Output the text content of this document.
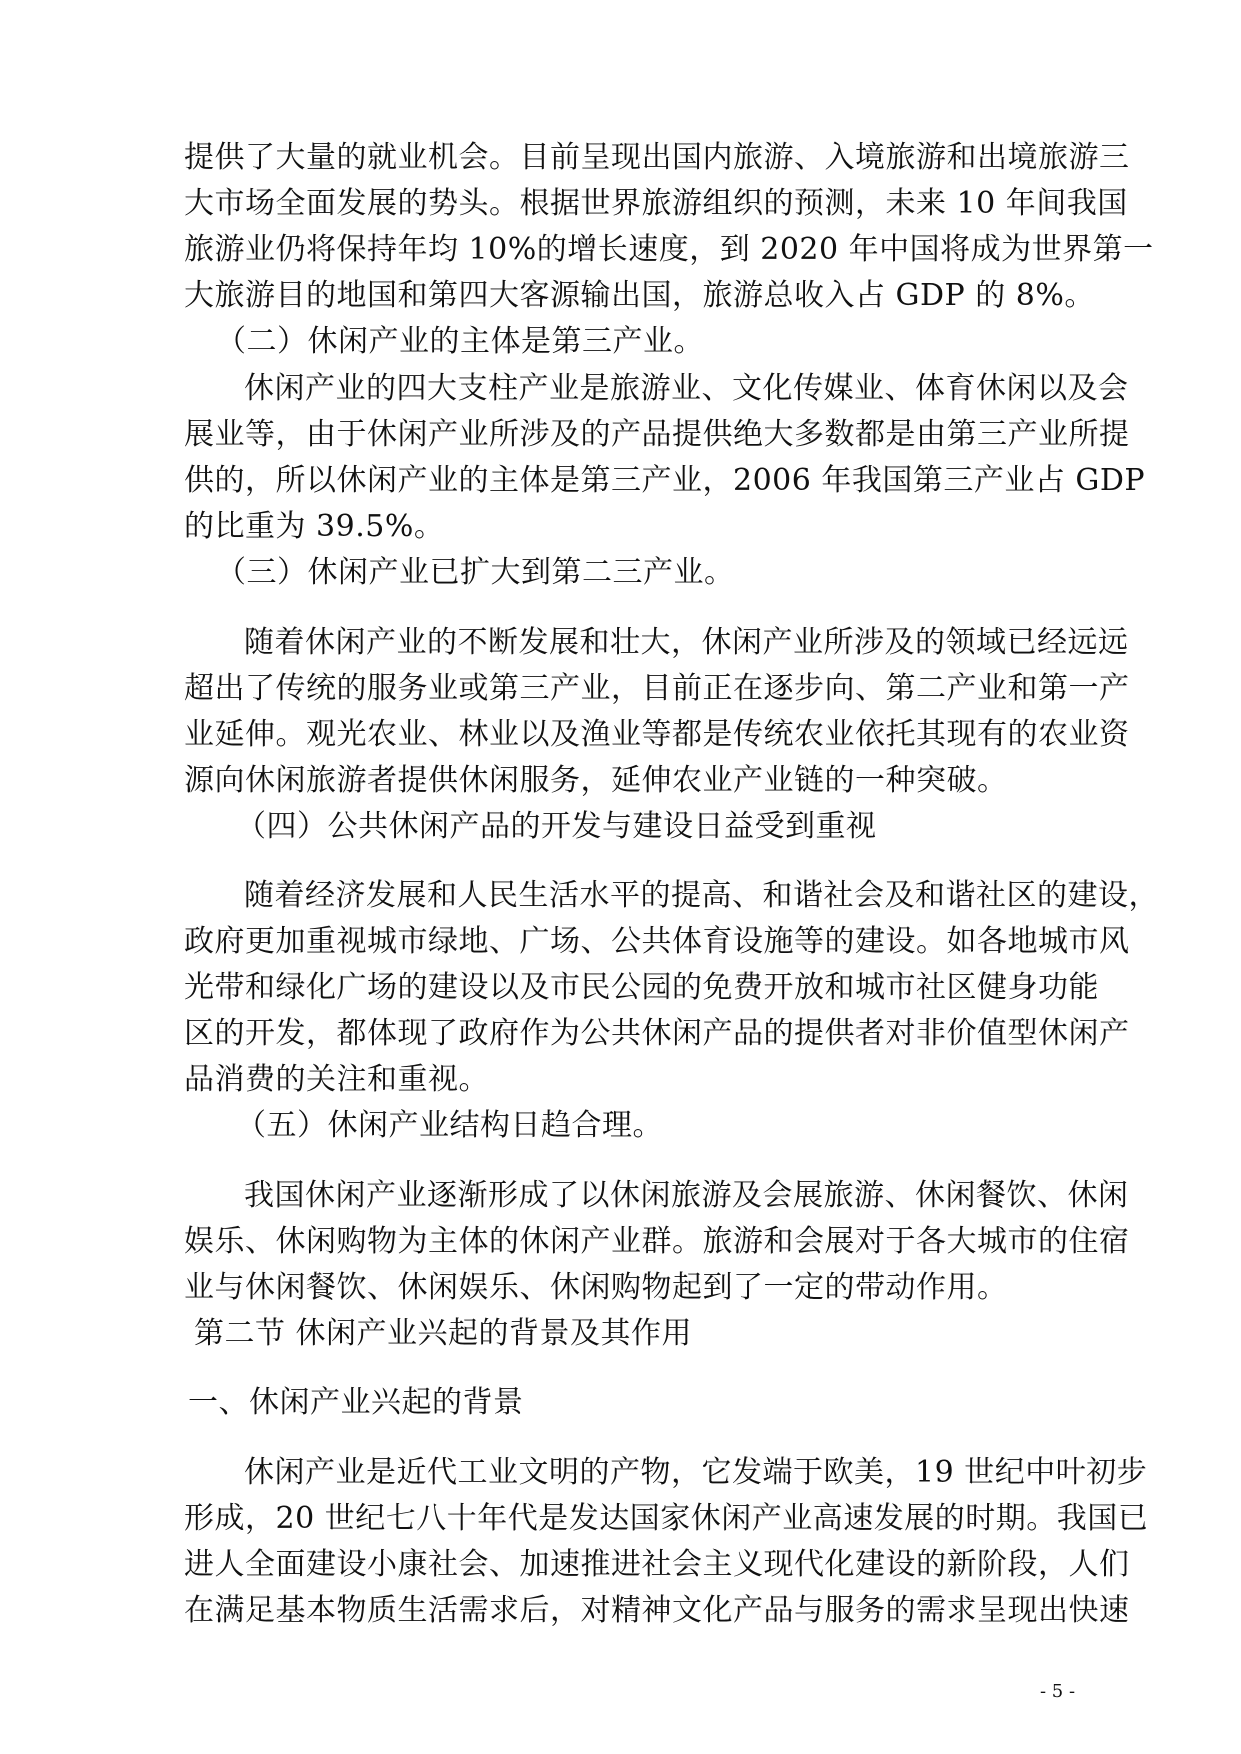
提供了大量的就业机会。目前呈现出国内旅游、入境旅游和出境旅游三
大市场全面发展的势头。根据世界旅游组织的预测，未来 10 年间我国
旅游业仍将保持年均 10%的增长速度，到 2020 年中国将成为世界第一
大旅游目的地国和第四大客源输出国，旅游总收入占 GDP 的 8%。
（二）休闲产业的主体是第三产业。
休闲产业的四大支柱产业是旅游业、文化传媒业、体育休闲以及会
展业等，由于休闲产业所涉及的产品提供绝大多数都是由第三产业所提
供的，所以休闲产业的主体是第三产业，2006 年我国第三产业占 GDP
的比重为 39.5%。
（三）休闲产业已扩大到第二三产业。
随着休闲产业的不断发展和壮大，休闲产业所涉及的领域已经远远
超出了传统的服务业或第三产业，目前正在逐步向、第二产业和第一产
业延伸。观光农业、林业以及渔业等都是传统农业依托其现有的农业资
源向休闲旅游者提供休闲服务，延伸农业产业链的一种突破。
（四）公共休闲产品的开发与建设日益受到重视
随着经济发展和人民生活水平的提高、和谐社会及和谐社区的建设，
政府更加重视城市绿地、广场、公共体育设施等的建设。如各地城市风
光带和绿化广场的建设以及市民公园的免费开放和城市社区健身功能
区的开发，都体现了政府作为公共休闲产品的提供者对非价值型休闲产
品消费的关注和重视。
（五）休闲产业结构日趋合理。
我国休闲产业逐渐形成了以休闲旅游及会展旅游、休闲餐饮、休闲
娱乐、休闲购物为主体的休闲产业群。旅游和会展对于各大城市的住宿
业与休闲餐饮、休闲娱乐、休闲购物起到了一定的带动作用。
第二节 休闲产业兴起的背景及其作用
一、休闲产业兴起的背景
休闲产业是近代工业文明的产物，它发端于欧美，19 世纪中叶初步
形成，20 世纪七八十年代是发达国家休闲产业高速发展的时期。我国已
进人全面建设小康社会、加速推进社会主义现代化建设的新阶段，人们
在满足基本物质生活需求后，对精神文化产品与服务的需求呈现出快速
- 5 -
